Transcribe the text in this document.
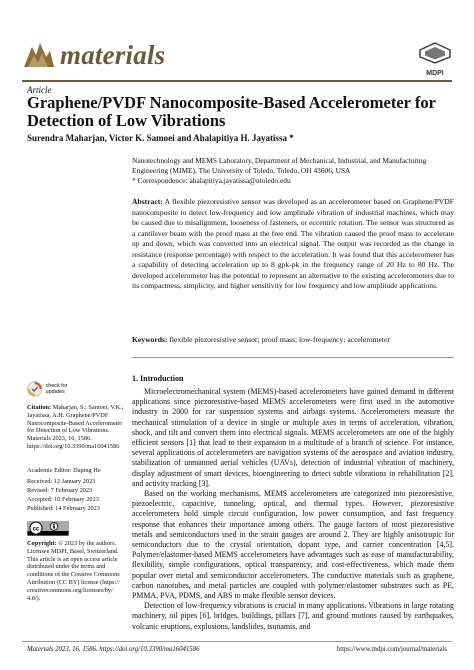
materials
MDPI
Article
Graphene/PVDF Nanocomposite-Based Accelerometer for Detection of Low Vibrations
Surendra Maharjan, Victor K. Samoei and Ahalapitiya H. Jayatissa *
Nanotechnology and MEMS Laboratory, Department of Mechanical, Industrial, and Manufacturing Engineering (MIME), The University of Toledo, Toledo, OH 43606, USA
* Correspondence: ahalapitiya.jayatissa@utoledo.edu
Abstract: A flexible piezoresistive sensor was developed as an accelerometer based on Graphene/PVDF nanocomposite to detect low-frequency and low amplitude vibration of industrial machines, which may be caused due to misalignment, looseness of fasteners, or eccentric rotation. The sensor was structured as a cantilever beam with the proof mass at the free end. The vibration caused the proof mass to accelerate up and down, which was converted into an electrical signal. The output was recorded as the change in resistance (response percentage) with respect to the acceleration. It was found that this accelerometer has a capability of detecting acceleration up to 8 gpk-pk in the frequency range of 20 Hz to 80 Hz. The developed accelerometer has the potential to represent an alternative to the existing accelerometers due to its compactness, simplicity, and higher sensitivity for low frequency and low amplitude applications.
Keywords: flexible piezoresistive sensor; proof mass; low-frequency; accelerometer
check for updates
Citation: Maharjan, S.; Samoei, V.K.; Jayatissa, A.H. Graphene/PVDF Nanocomposite-Based Accelerometer for Detection of Low Vibrations. Materials 2023, 16, 1586. https://doi.org/10.3390/ma16041586
Academic Editor: Daping He
Received: 12 January 2023
Revised: 7 February 2023
Accepted: 10 February 2023
Published: 14 February 2023
cc
Copyright: © 2023 by the authors. Licensee MDPI, Basel, Switzerland. This article is an open access article distributed under the terms and conditions of the Creative Commons Attribution (CC BY) license (https:// creativecommons.org/licenses/by/ 4.0/).
1. Introduction

Microelectromechanical system (MEMS)-based accelerometers have gained demand in different applications since piezoresistive-based MEMS accelerometers were first used in the automotive industry in 2000 for car suspension systems and airbags systems. Accelerometers measure the mechanical stimulation of a device in single or multiple axes in terms of acceleration, vibration, shock, and tilt and convert them into electrical signals. MEMS accelerometers are one of the highly efficient sensors [1] that lead to their expansion in a multitude of a branch of science. For instance, several applications of accelerometers are navigation systems of the aerospace and aviation industry, stabilization of unmanned aerial vehicles (UAVs), detection of industrial vibration of machinery, display adjustment of smart devices, bioengineering to detect subtle vibrations in rehabilitation [2], and activity tracking [3].

Based on the working mechanisms, MEMS accelerometers are categorized into piezoresistive, piezoelectric, capacitive, tunneling, optical, and thermal types. However, piezoresistive accelerometers hold simple circuit configuration, low power consumption, and fast frequency response that enhances their importance among others. The gauge factors of most piezoresistive metals and semiconductors used in the strain gauges are around 2. They are highly anisotropic for semiconductors due to the crystal orientation, dopant type, and carrier concentration [4,5]. Polymer/elastomer-based MEMS accelerometers have advantages such as ease of manufacturability, flexibility, simple configurations, optical transparency, and cost-effectiveness, which made them popular over metal and semiconductor accelerometers. The conductive materials such as graphene, carbon nanotubes, and metal particles are coupled with polymer/elastomer substrates such as PE, PMMA, PVA, PDMS, and ABS to make flexible sensor devices.

Detection of low-frequency vibrations is crucial in many applications. Vibrations in large rotating machinery, oil pipes [6], bridges, buildings, pillars [7], and ground motions caused by earthquakes, volcanic eruptions, explosions, landslides, tsunamis, and

Materials 2023, 16, 1586. https://doi.org/10.3390/ma16041586	https://www.mdpi.com/journal/materials
